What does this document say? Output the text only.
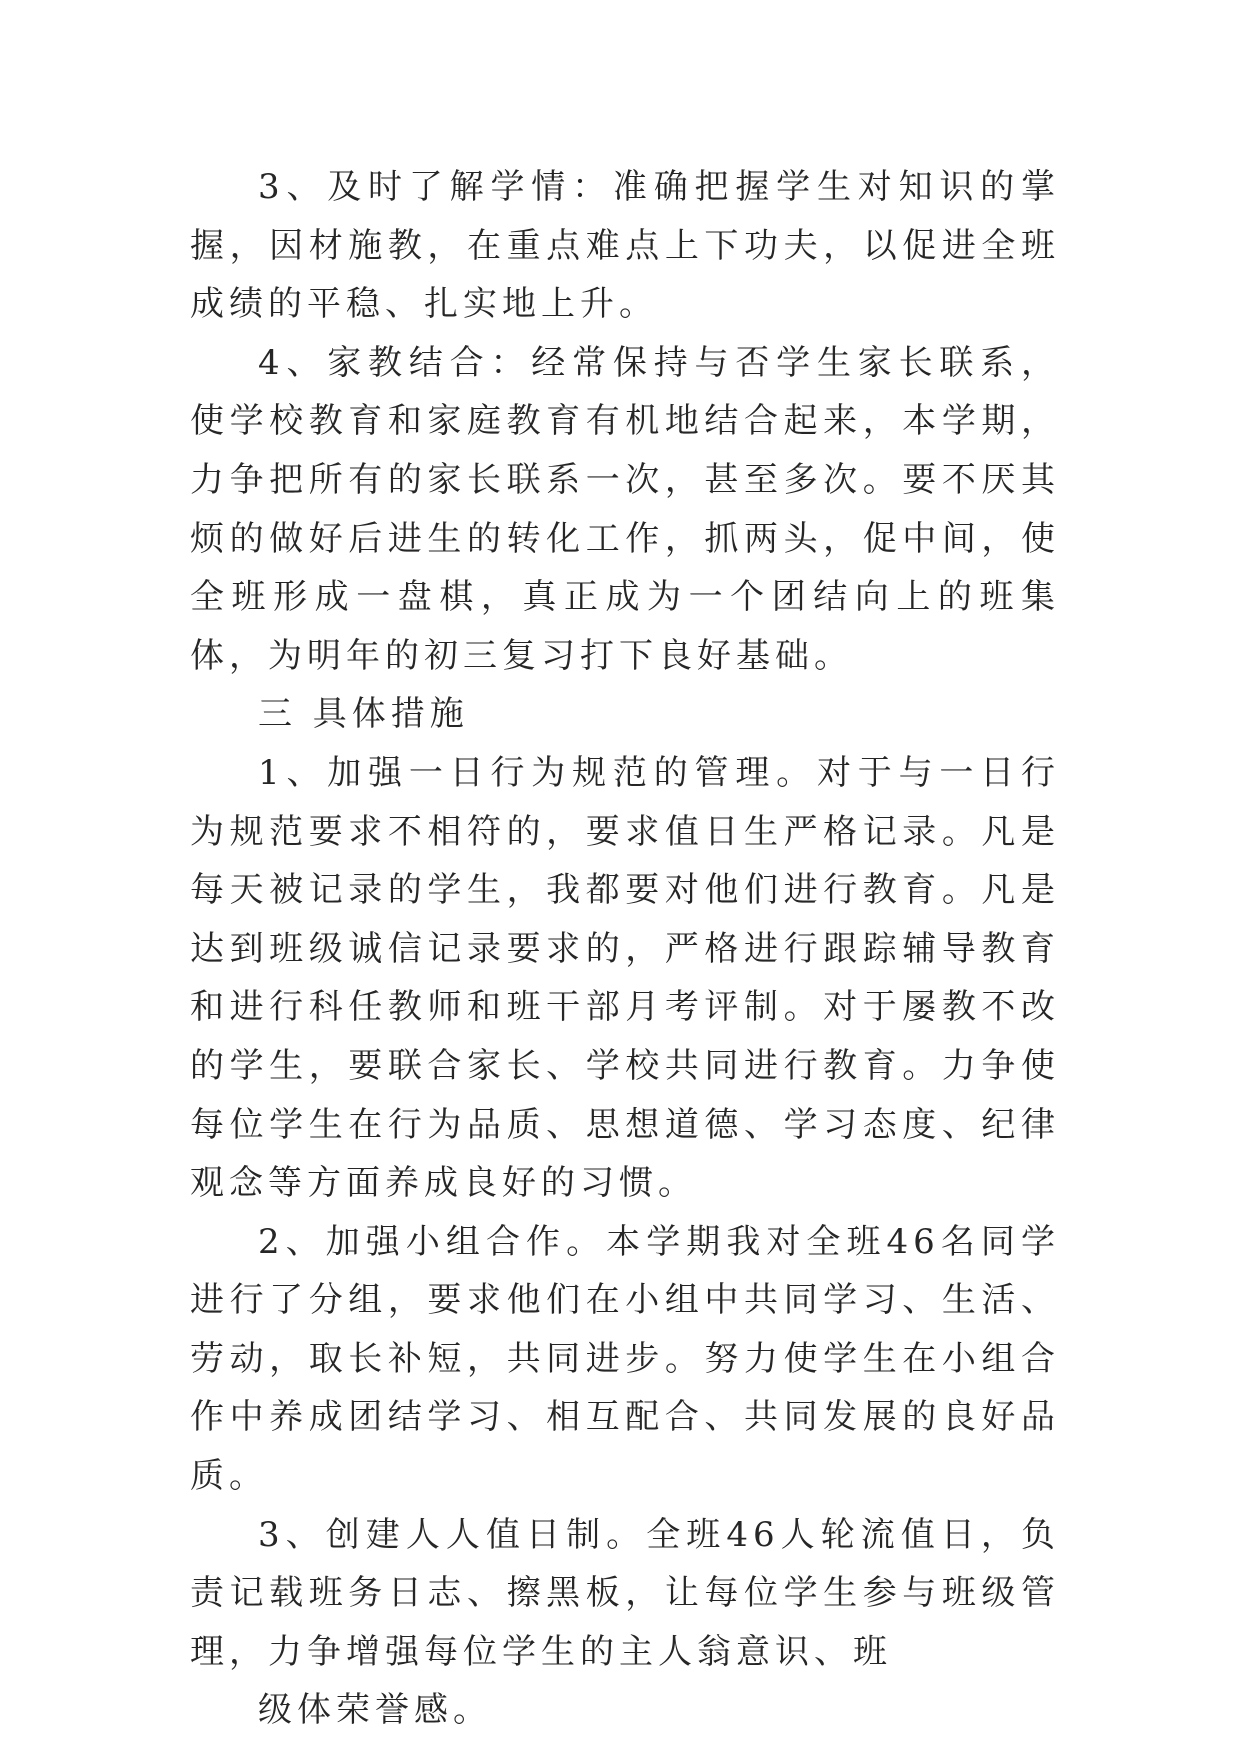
3、及时了解学情：准确把握学生对知识的掌握，因材施教，在重点难点上下功夫，以促进全班成绩的平稳、扎实地上升。

4、家教结合：经常保持与否学生家长联系，使学校教育和家庭教育有机地结合起来，本学期，力争把所有的家长联系一次，甚至多次。要不厌其烦的做好后进生的转化工作，抓两头，促中间，使全班形成一盘棋，真正成为一个团结向上的班集体，为明年的初三复习打下良好基础。

三 具体措施

1、加强一日行为规范的管理。对于与一日行为规范要求不相符的，要求值日生严格记录。凡是每天被记录的学生，我都要对他们进行教育。凡是达到班级诚信记录要求的，严格进行跟踪辅导教育和进行科任教师和班干部月考评制。对于屡教不改的学生，要联合家长、学校共同进行教育。力争使每位学生在行为品质、思想道德、学习态度、纪律观念等方面养成良好的习惯。

2、加强小组合作。本学期我对全班46名同学进行了分组，要求他们在小组中共同学习、生活、劳动，取长补短，共同进步。努力使学生在小组合作中养成团结学习、相互配合、共同发展的良好品质。

3、创建人人值日制。全班46人轮流值日，负责记载班务日志、擦黑板，让每位学生参与班级管理，力争增强每位学生的主人翁意识、班

级体荣誉感。
